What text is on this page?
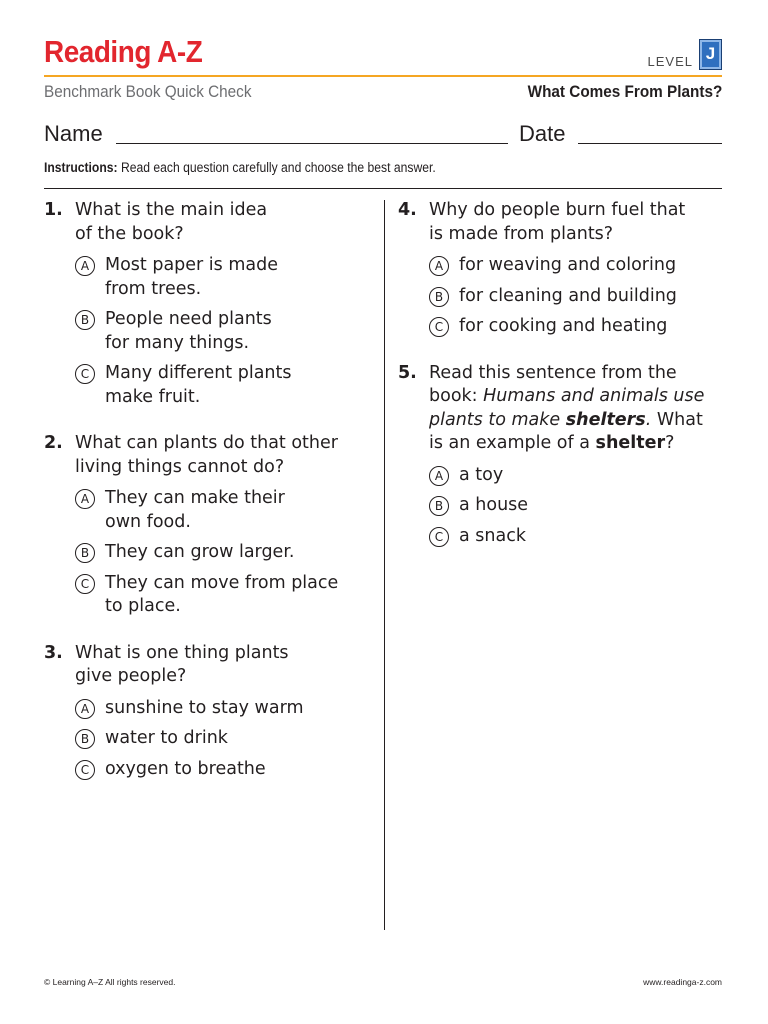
Reading A-Z	LEVEL J
Benchmark Book Quick Check	What Comes From Plants?
Name	Date
Instructions: Read each question carefully and choose the best answer.
1. What is the main idea
of the book?
A Most paper is made
from trees.
B People need plants
for many things.
C Many different plants
make fruit.
2. What can plants do that other
living things cannot do?
A They can make their
own food.
B They can grow larger.
C They can move from place
to place.
3. What is one thing plants
give people?
A sunshine to stay warm
B water to drink
C oxygen to breathe
4. Why do people burn fuel that
is made from plants?
A for weaving and coloring
B for cleaning and building
C for cooking and heating
5. Read this sentence from the
book: Humans and animals use
plants to make shelters. What
is an example of a shelter?
A a toy
B a house
C a snack
© Learning A–Z All rights reserved.	www.readinga-z.com
